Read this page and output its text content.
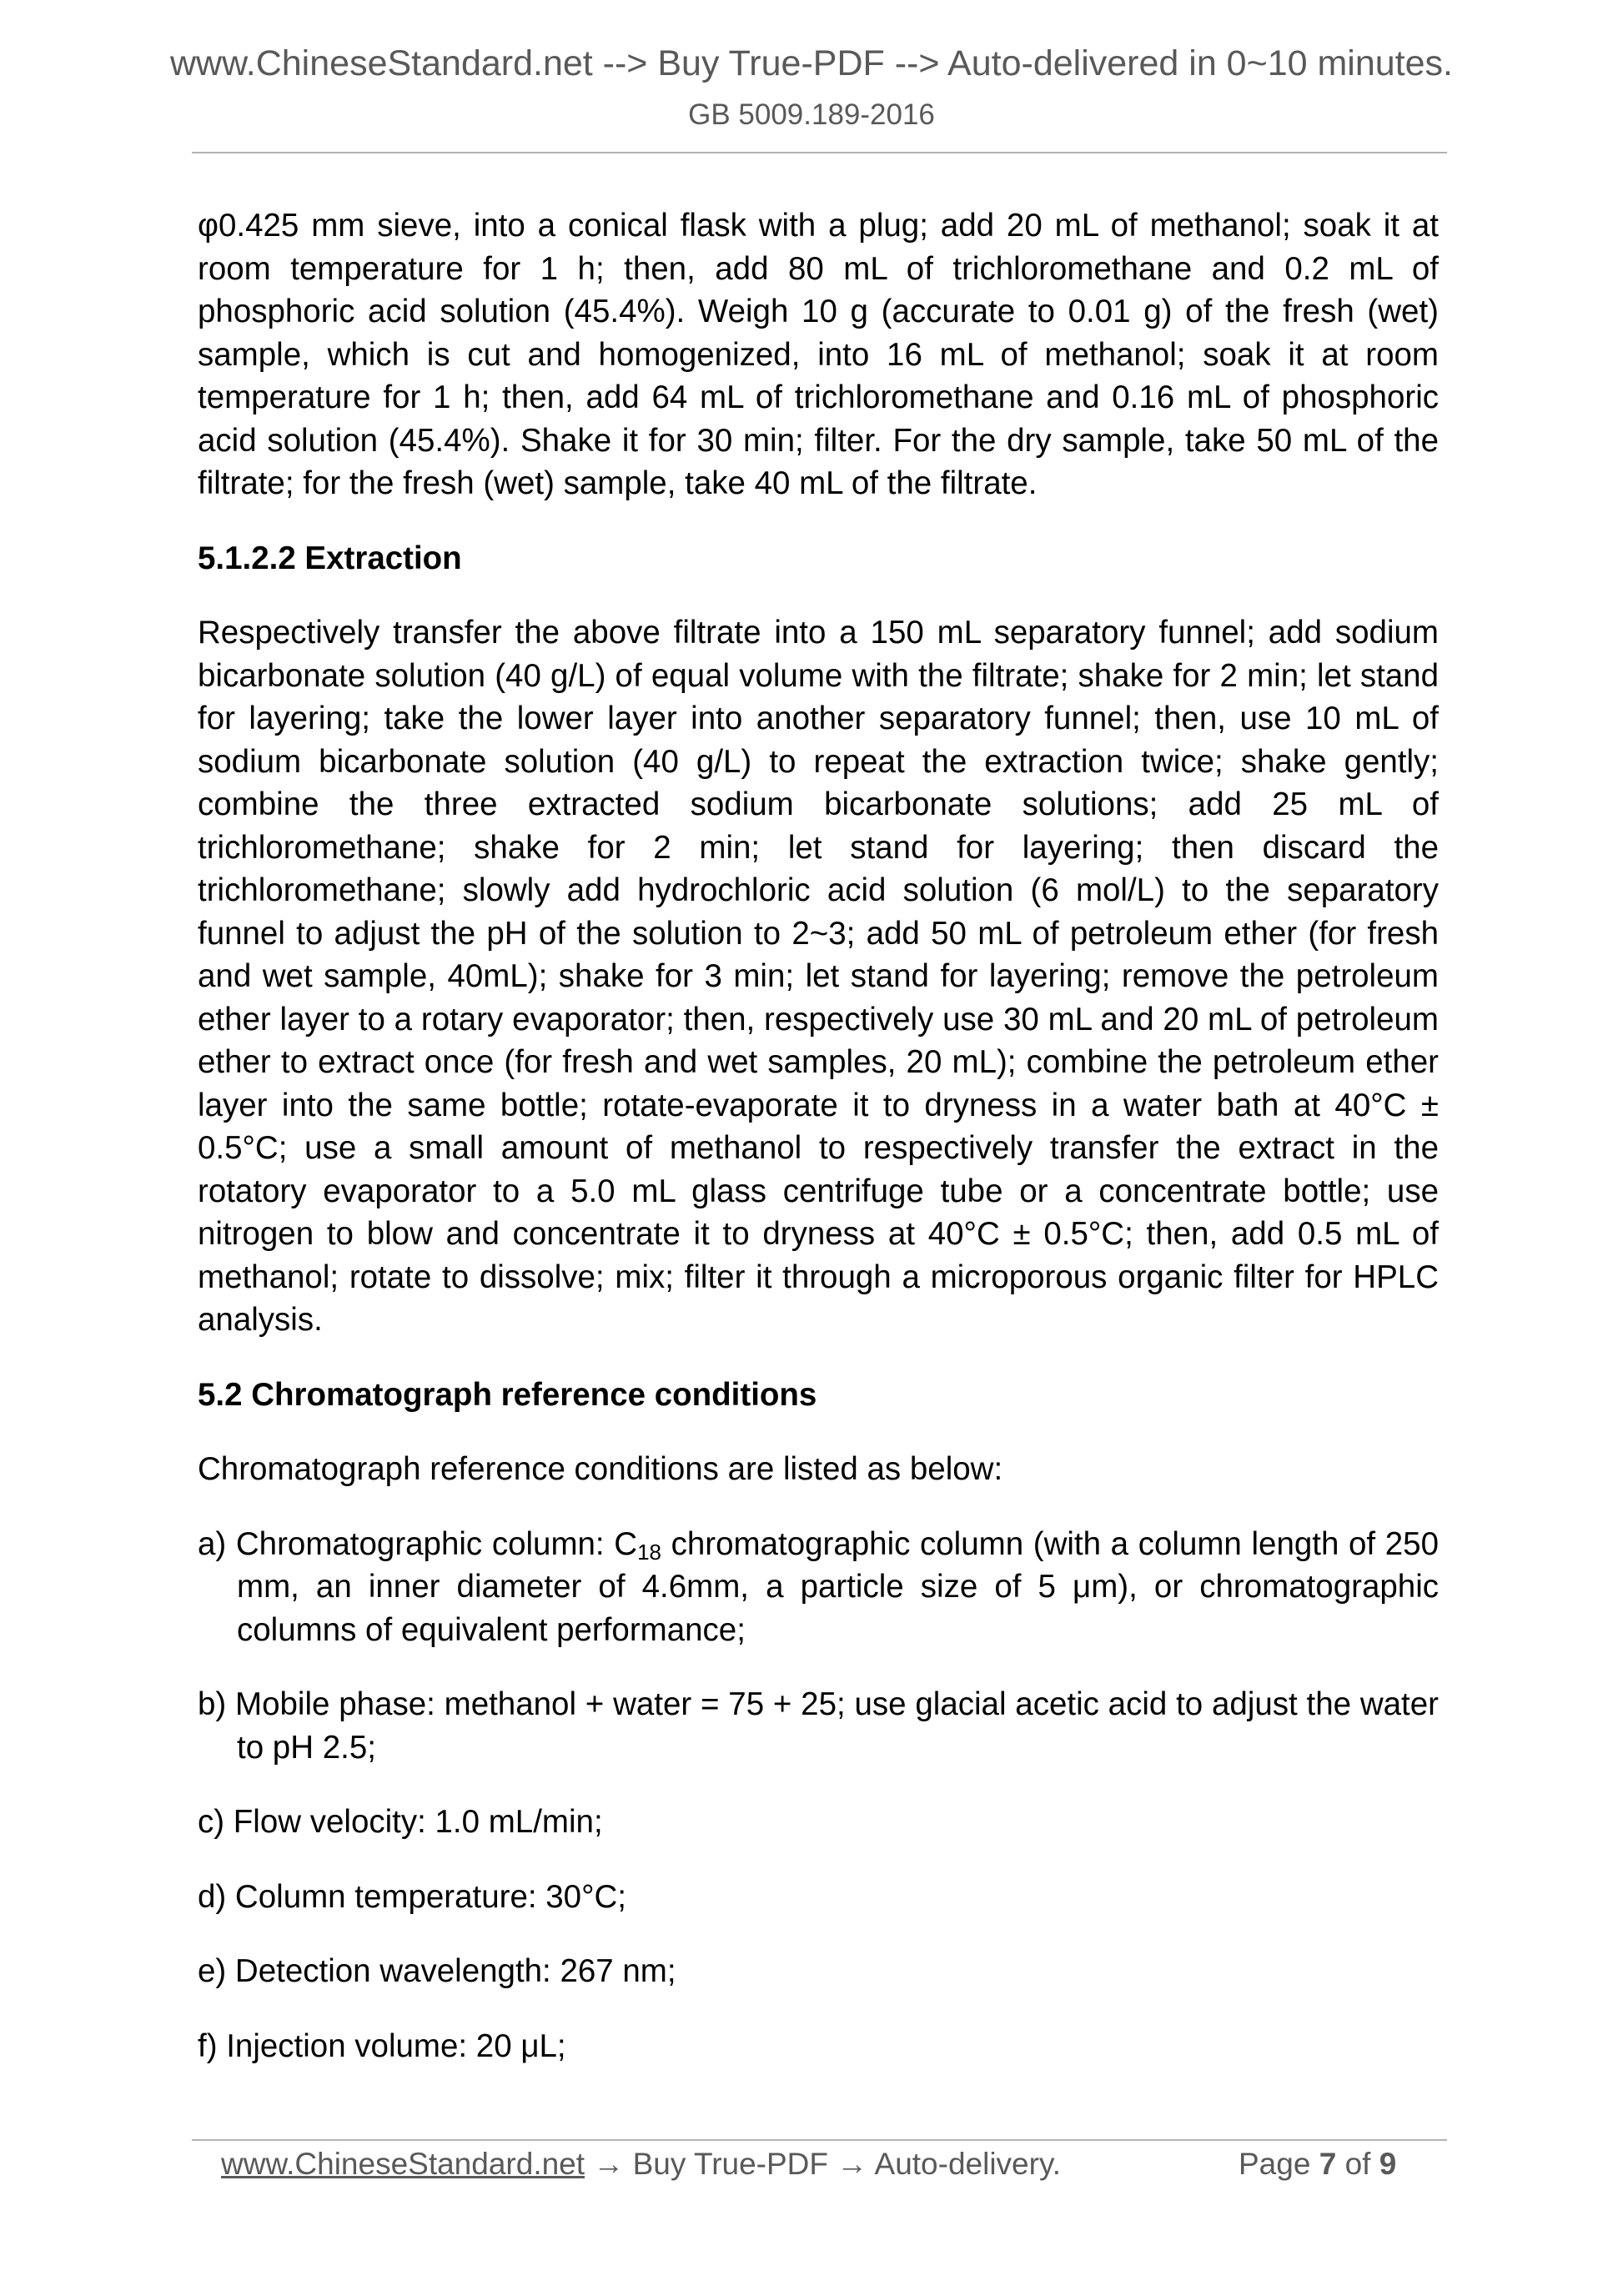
www.ChineseStandard.net --> Buy True-PDF --> Auto-delivered in 0~10 minutes.
GB 5009.189-2016

φ0.425 mm sieve, into a conical flask with a plug; add 20 mL of methanol; soak it at room temperature for 1 h; then, add 80 mL of trichloromethane and 0.2 mL of phosphoric acid solution (45.4%). Weigh 10 g (accurate to 0.01 g) of the fresh (wet) sample, which is cut and homogenized, into 16 mL of methanol; soak it at room temperature for 1 h; then, add 64 mL of trichloromethane and 0.16 mL of phosphoric acid solution (45.4%). Shake it for 30 min; filter. For the dry sample, take 50 mL of the filtrate; for the fresh (wet) sample, take 40 mL of the filtrate.

5.1.2.2 Extraction

Respectively transfer the above filtrate into a 150 mL separatory funnel; add sodium bicarbonate solution (40 g/L) of equal volume with the filtrate; shake for 2 min; let stand for layering; take the lower layer into another separatory funnel; then, use 10 mL of sodium bicarbonate solution (40 g/L) to repeat the extraction twice; shake gently; combine the three extracted sodium bicarbonate solutions; add 25 mL of trichloromethane; shake for 2 min; let stand for layering; then discard the trichloromethane; slowly add hydrochloric acid solution (6 mol/L) to the separatory funnel to adjust the pH of the solution to 2~3; add 50 mL of petroleum ether (for fresh and wet sample, 40mL); shake for 3 min; let stand for layering; remove the petroleum ether layer to a rotary evaporator; then, respectively use 30 mL and 20 mL of petroleum ether to extract once (for fresh and wet samples, 20 mL); combine the petroleum ether layer into the same bottle; rotate-evaporate it to dryness in a water bath at 40°C ± 0.5°C; use a small amount of methanol to respectively transfer the extract in the rotatory evaporator to a 5.0 mL glass centrifuge tube or a concentrate bottle; use nitrogen to blow and concentrate it to dryness at 40°C ± 0.5°C; then, add 0.5 mL of methanol; rotate to dissolve; mix; filter it through a microporous organic filter for HPLC analysis.

5.2 Chromatograph reference conditions

Chromatograph reference conditions are listed as below:

a) Chromatographic column: $C_{18}$ chromatographic column (with a column length of 250 mm, an inner diameter of 4.6mm, a particle size of 5 μm), or chromatographic columns of equivalent performance;

b) Mobile phase: methanol + water = 75 + 25; use glacial acetic acid to adjust the water to pH 2.5;

c) Flow velocity: 1.0 mL/min;

d) Column temperature: 30°C;

e) Detection wavelength: 267 nm;

f) Injection volume: 20 μL;

www.ChineseStandard.net → Buy True-PDF → Auto-delivery.	Page 7 of 9
